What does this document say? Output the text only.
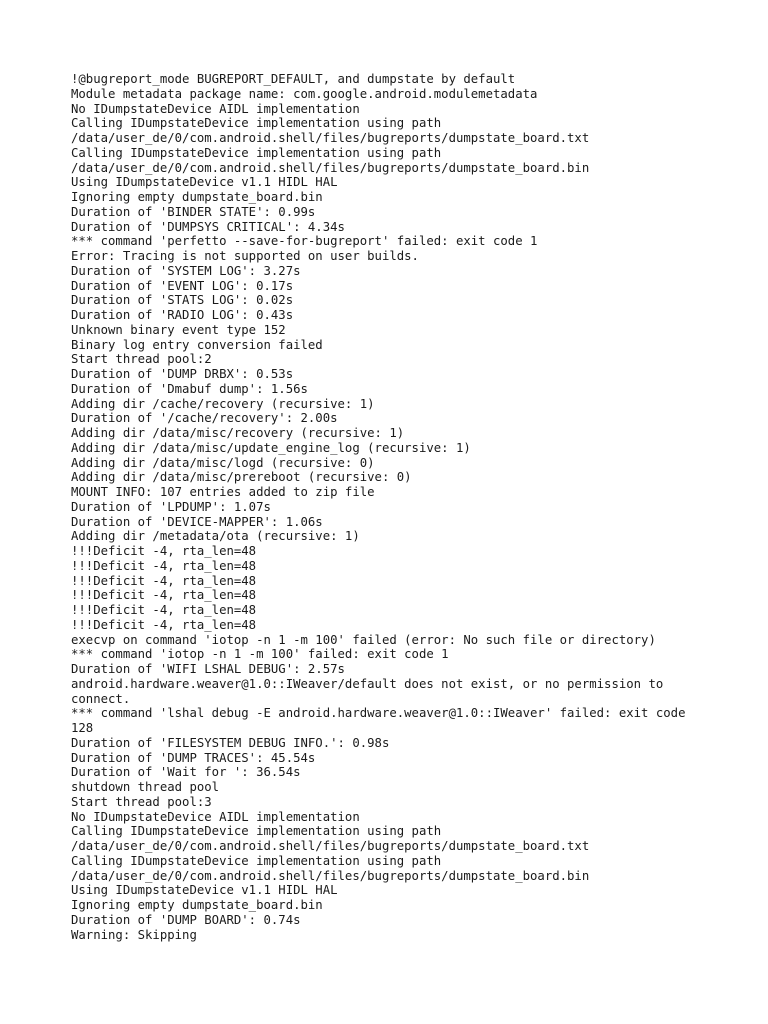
!@bugreport_mode BUGREPORT_DEFAULT, and dumpstate by default
Module metadata package name: com.google.android.modulemetadata
No IDumpstateDevice AIDL implementation
Calling IDumpstateDevice implementation using path
/data/user_de/0/com.android.shell/files/bugreports/dumpstate_board.txt
Calling IDumpstateDevice implementation using path
/data/user_de/0/com.android.shell/files/bugreports/dumpstate_board.bin
Using IDumpstateDevice v1.1 HIDL HAL
Ignoring empty dumpstate_board.bin
Duration of 'BINDER STATE': 0.99s
Duration of 'DUMPSYS CRITICAL': 4.34s
*** command 'perfetto --save-for-bugreport' failed: exit code 1
Error: Tracing is not supported on user builds.
Duration of 'SYSTEM LOG': 3.27s
Duration of 'EVENT LOG': 0.17s
Duration of 'STATS LOG': 0.02s
Duration of 'RADIO LOG': 0.43s
Unknown binary event type 152
Binary log entry conversion failed
Start thread pool:2
Duration of 'DUMP DRBX': 0.53s
Duration of 'Dmabuf dump': 1.56s
Adding dir /cache/recovery (recursive: 1)
Duration of '/cache/recovery': 2.00s
Adding dir /data/misc/recovery (recursive: 1)
Adding dir /data/misc/update_engine_log (recursive: 1)
Adding dir /data/misc/logd (recursive: 0)
Adding dir /data/misc/prereboot (recursive: 0)
MOUNT INFO: 107 entries added to zip file
Duration of 'LPDUMP': 1.07s
Duration of 'DEVICE-MAPPER': 1.06s
Adding dir /metadata/ota (recursive: 1)
!!!Deficit -4, rta_len=48
!!!Deficit -4, rta_len=48
!!!Deficit -4, rta_len=48
!!!Deficit -4, rta_len=48
!!!Deficit -4, rta_len=48
!!!Deficit -4, rta_len=48
execvp on command 'iotop -n 1 -m 100' failed (error: No such file or directory)
*** command 'iotop -n 1 -m 100' failed: exit code 1
Duration of 'WIFI LSHAL DEBUG': 2.57s
android.hardware.weaver@1.0::IWeaver/default does not exist, or no permission to
connect.
*** command 'lshal debug -E android.hardware.weaver@1.0::IWeaver' failed: exit code
128
Duration of 'FILESYSTEM DEBUG INFO.': 0.98s
Duration of 'DUMP TRACES': 45.54s
Duration of 'Wait for ': 36.54s
shutdown thread pool
Start thread pool:3
No IDumpstateDevice AIDL implementation
Calling IDumpstateDevice implementation using path
/data/user_de/0/com.android.shell/files/bugreports/dumpstate_board.txt
Calling IDumpstateDevice implementation using path
/data/user_de/0/com.android.shell/files/bugreports/dumpstate_board.bin
Using IDumpstateDevice v1.1 HIDL HAL
Ignoring empty dumpstate_board.bin
Duration of 'DUMP BOARD': 0.74s
Warning: Skipping
